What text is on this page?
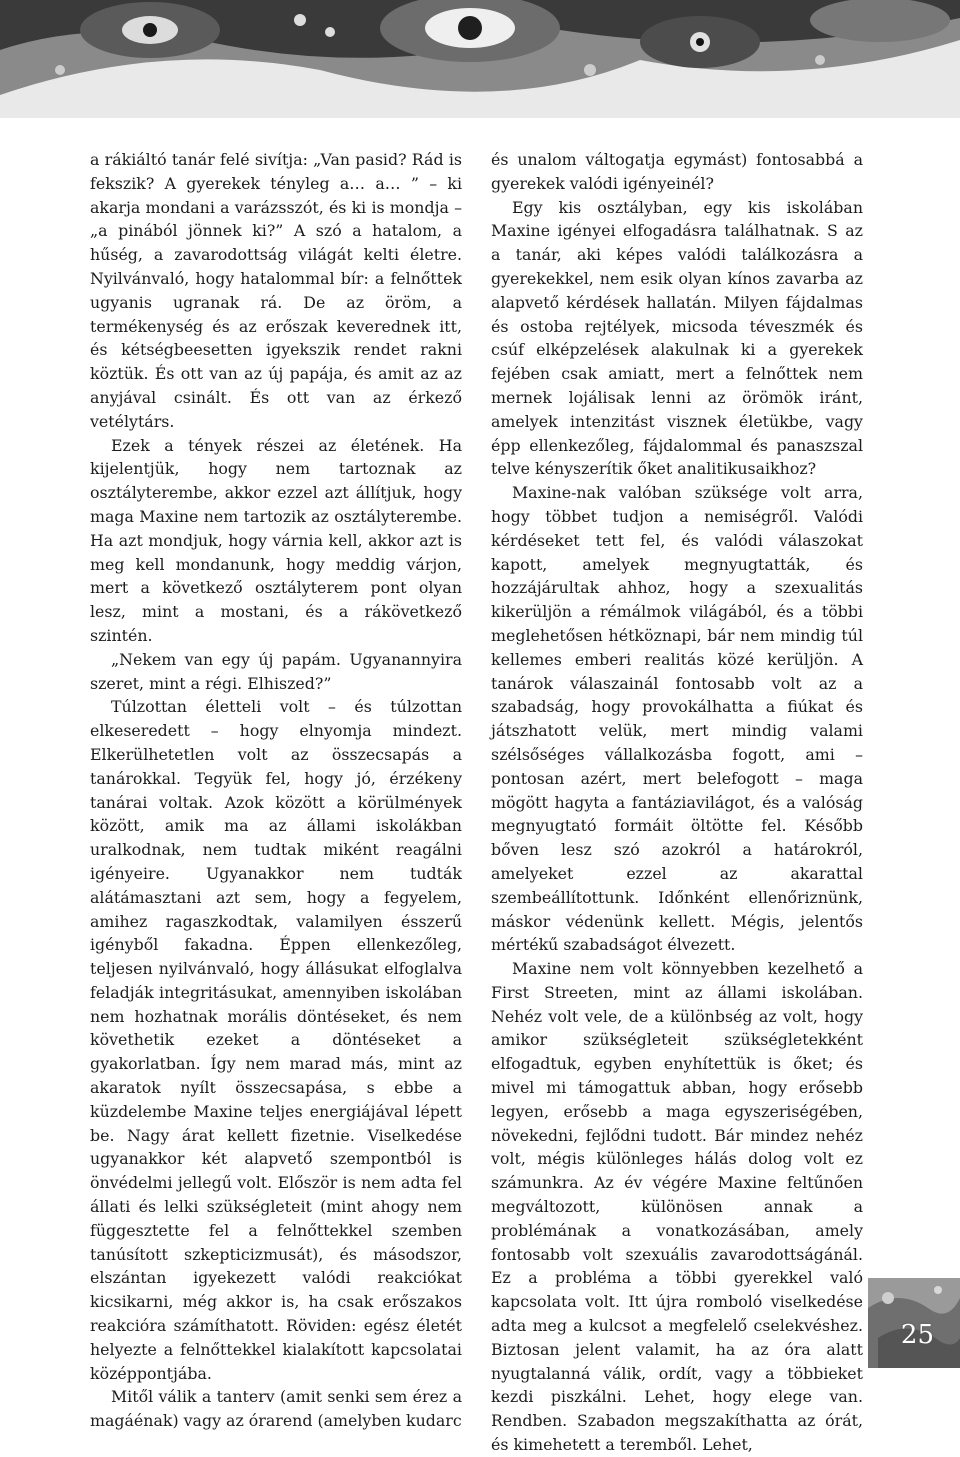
a rákiáltó tanár felé sivítja: „Van pasid? Rád is fekszik? A gyerekek tényleg a… a… ” – ki akarja mondani a varázsszót, és ki is mondja – „a pinából jönnek ki?” A szó a hatalom, a hűség, a zavarodottság világát kelti életre. Nyilvánvaló, hogy hatalommal bír: a felnőttek ugyanis ugranak rá. De az öröm, a termékenység és az erőszak keverednek itt, és kétségbeesetten igyekszik rendet rakni köztük. És ott van az új papája, és amit az az anyjával csinált. És ott van az érkező vetélytárs.

Ezek a tények részei az életének. Ha kijelentjük, hogy nem tartoznak az osztályterembe, akkor ezzel azt állítjuk, hogy maga Maxine nem tartozik az osztályterembe. Ha azt mondjuk, hogy várnia kell, akkor azt is meg kell mondanunk, hogy meddig várjon, mert a következő osztályterem pont olyan lesz, mint a mostani, és a rákövetkező szintén.

„Nekem van egy új papám. Ugyanannyira szeret, mint a régi. Elhiszed?”

Túlzottan életteli volt – és túlzottan elkeseredett – hogy elnyomja mindezt. Elkerülhetetlen volt az összecsapás a tanárokkal. Tegyük fel, hogy jó, érzékeny tanárai voltak. Azok között a körülmények között, amik ma az állami iskolákban uralkodnak, nem tudtak miként reagálni igényeire. Ugyanakkor nem tudták alátámasztani azt sem, hogy a fegyelem, amihez ragaszkodtak, valamilyen ésszerű igényből fakadna. Éppen ellenkezőleg, teljesen nyilvánvaló, hogy állásukat elfoglalva feladják integritásukat, amennyiben iskolában nem hozhatnak morális döntéseket, és nem követhetik ezeket a döntéseket a gyakorlatban. Így nem marad más, mint az akaratok nyílt összecsapása, s ebbe a küzdelembe Maxine teljes energiájával lépett be. Nagy árat kellett fizetnie. Viselkedése ugyanakkor két alapvető szempontból is önvédelmi jellegű volt. Először is nem adta fel állati és lelki szükségleteit (mint ahogy nem függesztette fel a felnőttekkel szemben tanúsított szkepticizmusát), és másodszor, elszántan igyekezett valódi reakciókat kicsikarni, még akkor is, ha csak erőszakos reakcióra számíthatott. Röviden: egész életét helyezte a felnőttekkel kialakított kapcsolatai középpontjába.

Mitől válik a tanterv (amit senki sem érez a magáénak) vagy az órarend (amelyben kudarc

és unalom váltogatja egymást) fontosabbá a gyerekek valódi igényeinél?

Egy kis osztályban, egy kis iskolában Maxine igényei elfogadásra találhatnak. S az a tanár, aki képes valódi találkozásra a gyerekekkel, nem esik olyan kínos zavarba az alapvető kérdések hallatán. Milyen fájdalmas és ostoba rejtélyek, micsoda téveszmék és csúf elképzelések alakulnak ki a gyerekek fejében csak amiatt, mert a felnőttek nem mernek lojálisak lenni az örömök iránt, amelyek intenzitást visznek életükbe, vagy épp ellenkezőleg, fájdalommal és panaszszal telve kényszerítik őket analitikusaikhoz?

Maxine-nak valóban szüksége volt arra, hogy többet tudjon a nemiségről. Valódi kérdéseket tett fel, és valódi válaszokat kapott, amelyek megnyugtatták, és hozzájárultak ahhoz, hogy a szexualitás kikerüljön a rémálmok világából, és a többi meglehetősen hétköznapi, bár nem mindig túl kellemes emberi realitás közé kerüljön. A tanárok válaszainál fontosabb volt az a szabadság, hogy provokálhatta a fiúkat és játszhatott velük, mert mindig valami szélsőséges vállalkozásba fogott, ami – pontosan azért, mert belefogott – maga mögött hagyta a fantáziavilágot, és a valóság megnyugtató formáit öltötte fel. Később bőven lesz szó azokról a határokról, amelyeket ezzel az akarattal szembeállítottunk. Időnként ellenőriznünk, máskor védenünk kellett. Mégis, jelentős mértékű szabadságot élvezett.

Maxine nem volt könnyebben kezelhető a First Streeten, mint az állami iskolában. Nehéz volt vele, de a különbség az volt, hogy amikor szükségleteit szükségletekként elfogadtuk, egyben enyhítettük is őket; és mivel mi támogattuk abban, hogy erősebb legyen, erősebb a maga egyszeriségében, növekedni, fejlődni tudott. Bár mindez nehéz volt, mégis különleges hálás dolog volt ez számunkra. Az év végére Maxine feltűnően megváltozott, különösen annak a problémának a vonatkozásában, amely fontosabb volt szexuális zavarodottságánál. Ez a probléma a többi gyerekkel való kapcsolata volt. Itt újra romboló viselkedése adta meg a kulcsot a megfelelő cselekvéshez. Biztosan jelent valamit, ha az óra alatt nyugtalanná válik, ordít, vagy a többieket kezdi piszkálni. Lehet, hogy elege van. Rendben. Szabadon megszakíthatta az órát, és kimehetett a teremből. Lehet,

25
